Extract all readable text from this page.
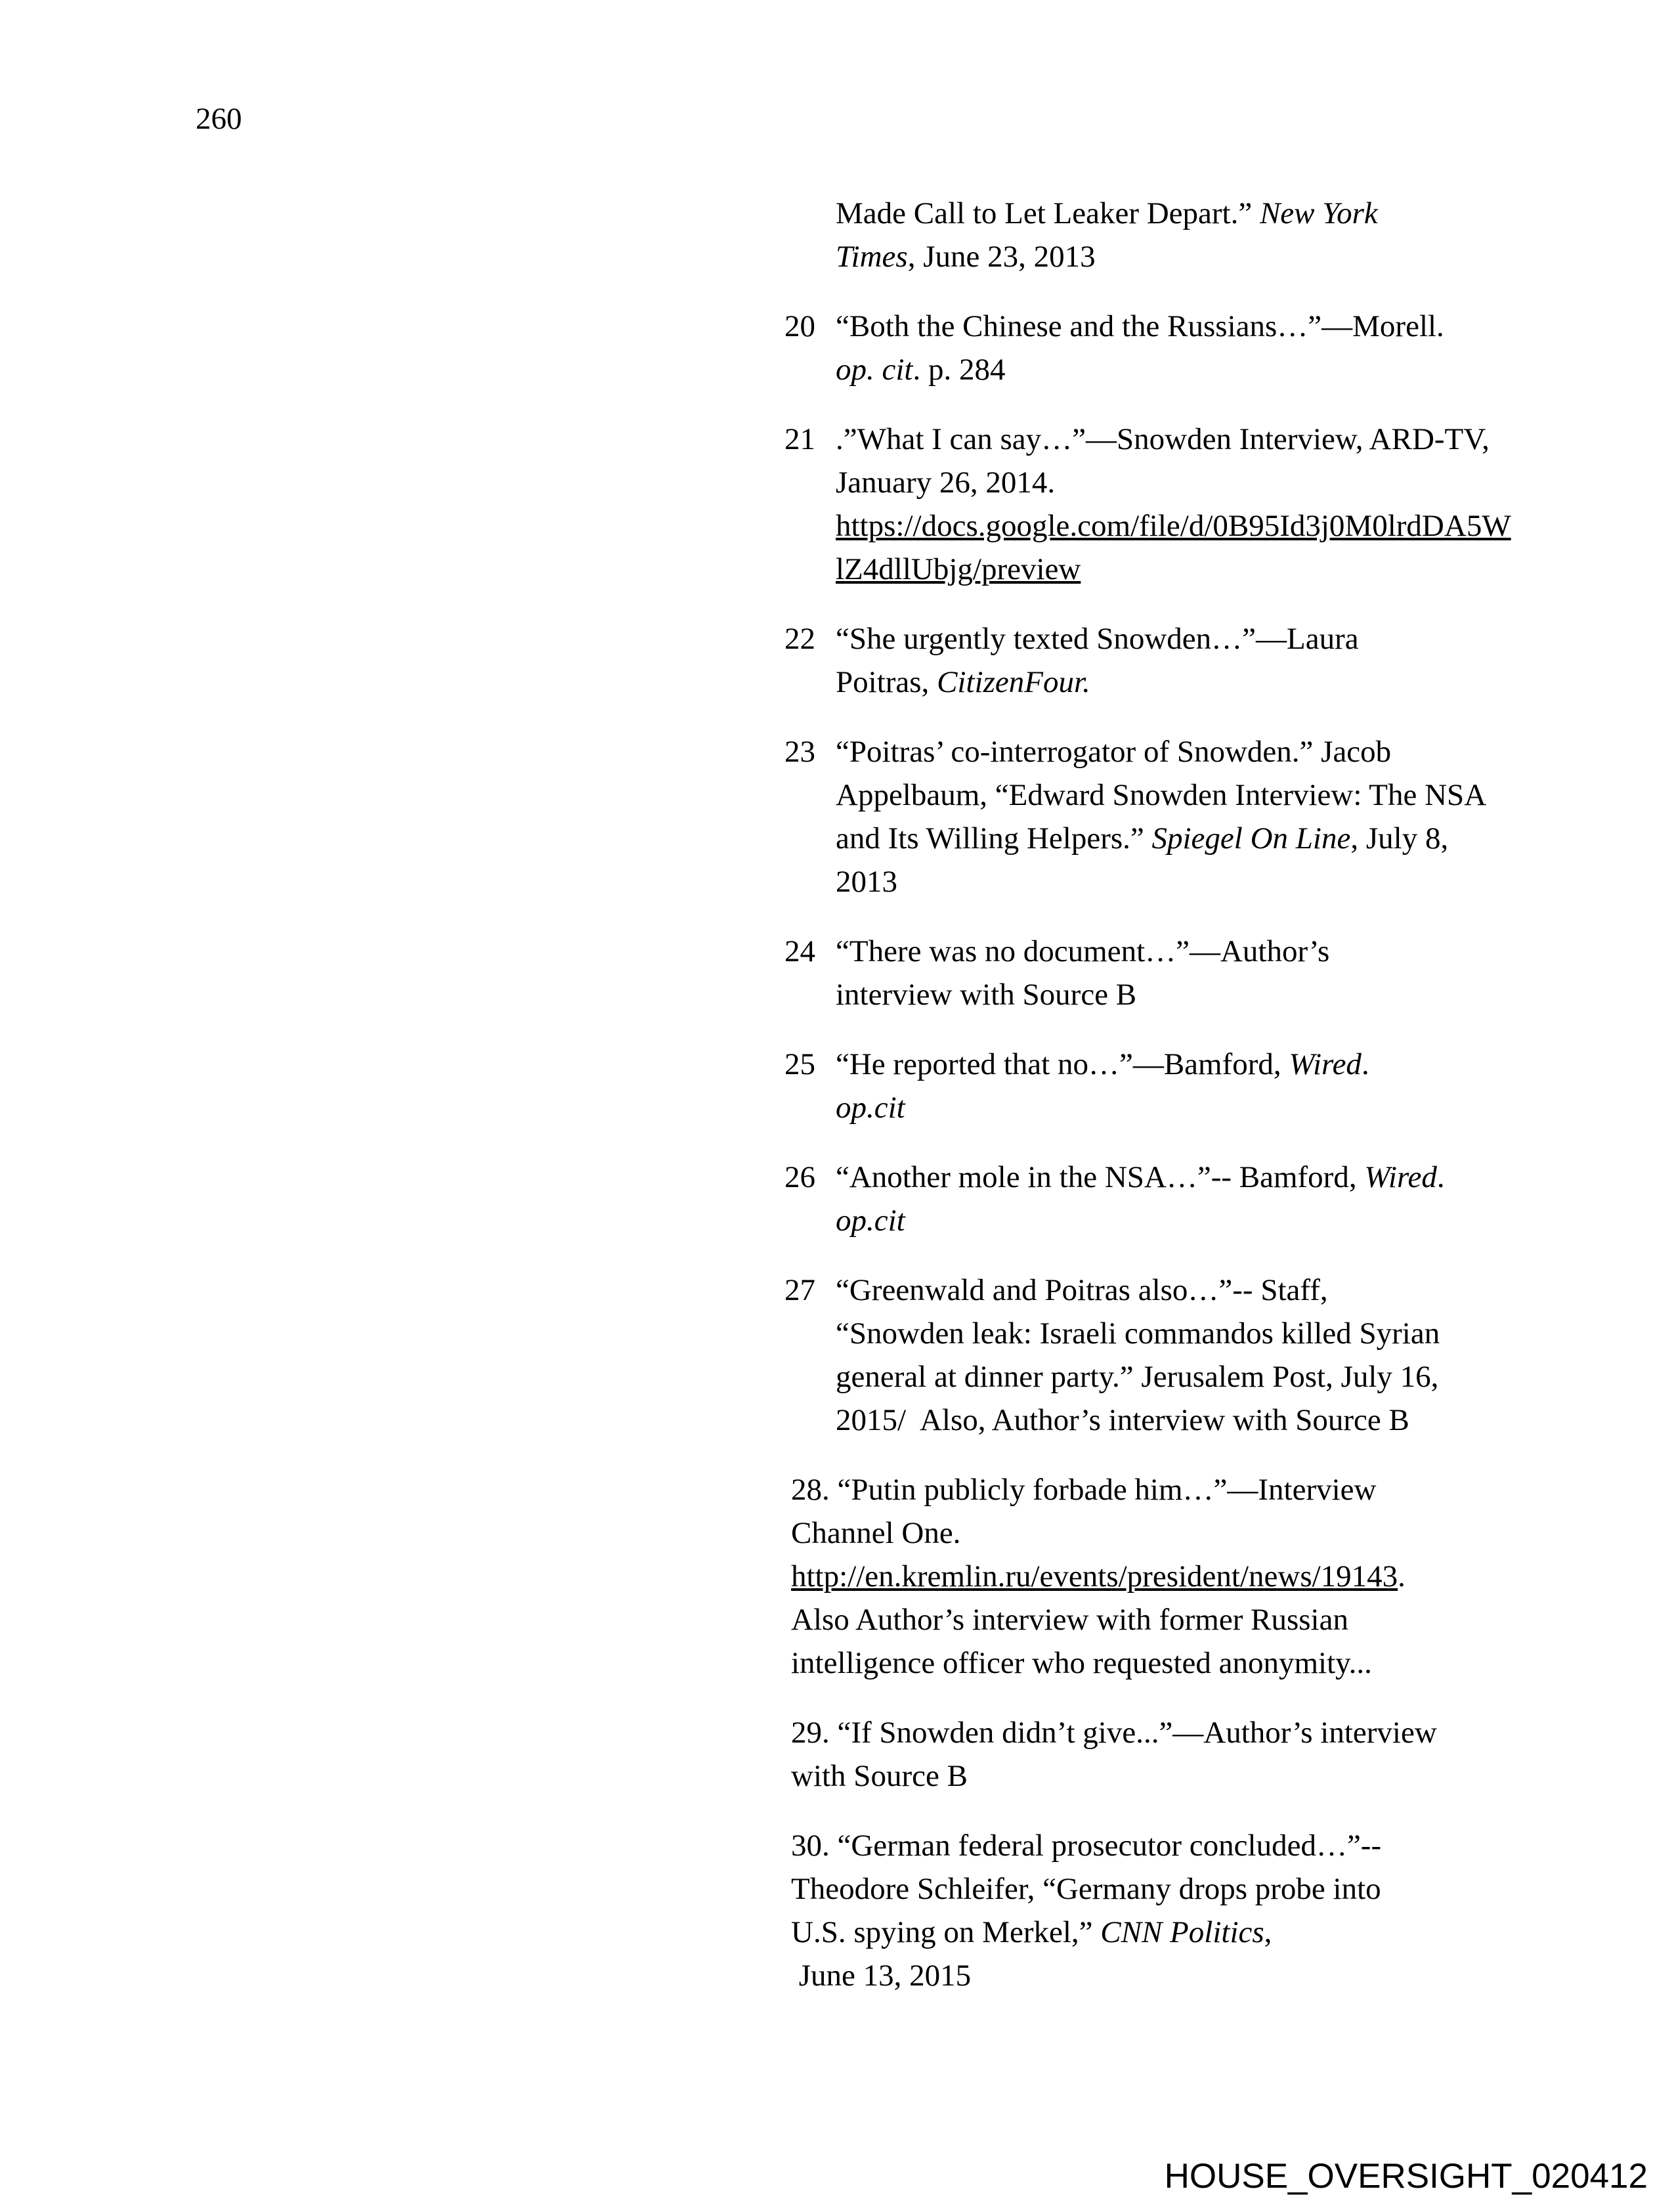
260
Made Call to Let Leaker Depart.” New York
Times, June 23, 2013
20 “Both the Chinese and the Russians…”—Morell.
op. cit. p. 284
21 .”What I can say…”—Snowden Interview, ARD-TV,
January 26, 2014.
https://docs.google.com/file/d/0B95Id3j0M0lrdDA5W
lZ4dllUbjg/preview
22 “She urgently texted Snowden…”—Laura
Poitras, CitizenFour.
23 “Poitras’ co-interrogator of Snowden.” Jacob
Appelbaum, “Edward Snowden Interview: The NSA
and Its Willing Helpers.” Spiegel On Line, July 8,
2013
24 “There was no document…”—Author’s
interview with Source B
25 “He reported that no…”—Bamford, Wired.
op.cit
26 “Another mole in the NSA…”-- Bamford, Wired.
op.cit
27 “Greenwald and Poitras also…”-- Staff,
“Snowden leak: Israeli commandos killed Syrian
general at dinner party.” Jerusalem Post, July 16,
2015/  Also, Author’s interview with Source B
28. “Putin publicly forbade him…”—Interview
Channel One.
http://en.kremlin.ru/events/president/news/19143.
Also Author’s interview with former Russian
intelligence officer who requested anonymity...
29. “If Snowden didn’t give...”—Author’s interview
with Source B
30. “German federal prosecutor concluded…”--
Theodore Schleifer, “Germany drops probe into
U.S. spying on Merkel,” CNN Politics,
June 13, 2015
HOUSE_OVERSIGHT_020412
